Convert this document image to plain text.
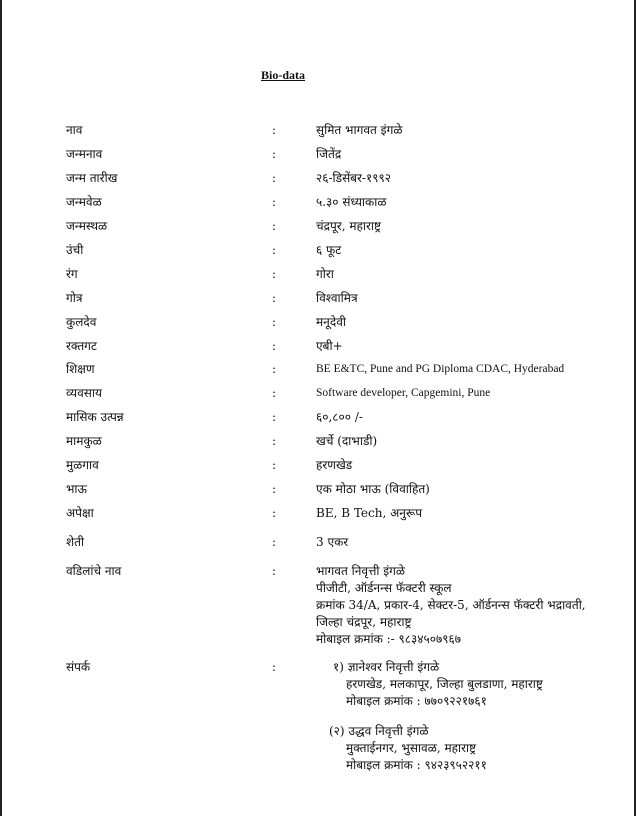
Bio-data
नाव	:	सुमित भागवत इंगळे
जन्मनाव	:	जितेंद्र
जन्म तारीख	:	२६-डिसेंबर-१९९२
जन्मवेळ	:	५.३० संध्याकाळ
जन्मस्थळ	:	चंद्रपूर, महाराष्ट्र
उंची	:	६ फूट
रंग	:	गोरा
गोत्र	:	विश्वामित्र
कुलदेव	:	मनूदेवी
रक्तगट	:	एबी+
शिक्षण	:	BE E&TC, Pune and PG Diploma CDAC, Hyderabad
व्यवसाय	:	Software developer, Capgemini, Pune
मासिक उत्पन्न	:	६०,८०० /-
मामकुळ	:	खर्चे (दाभाडी)
मुळगाव	:	हरणखेड
भाऊ	:	एक मोठा भाऊ (विवाहित)
अपेक्षा	:	BE, B Tech, अनुरूप
शेती	:	3 एकर
वडिलांचे नाव	:	भागवत निवृत्ती इंगळे
पीजीटी, ऑर्डनन्स फॅक्टरी स्कूल
क्रमांक 34/A, प्रकार-4, सेक्टर-5, ऑर्डनन्स फॅक्टरी भद्रावती,
जिल्हा चंद्रपूर, महाराष्ट्र
मोबाइल क्रमांक :- ९८३४५०७९६७
संपर्क	:	१) ज्ञानेश्वर निवृत्ती इंगळे
हरणखेड, मलकापूर, जिल्हा बुलडाणा, महाराष्ट्र
मोबाइल क्रमांक : ७७०९२२१७६१
(२) उद्धव निवृत्ती इंगळे
मुक्ताईनगर, भुसावळ, महाराष्ट्र
मोबाइल क्रमांक : ९४२३९५२२११
